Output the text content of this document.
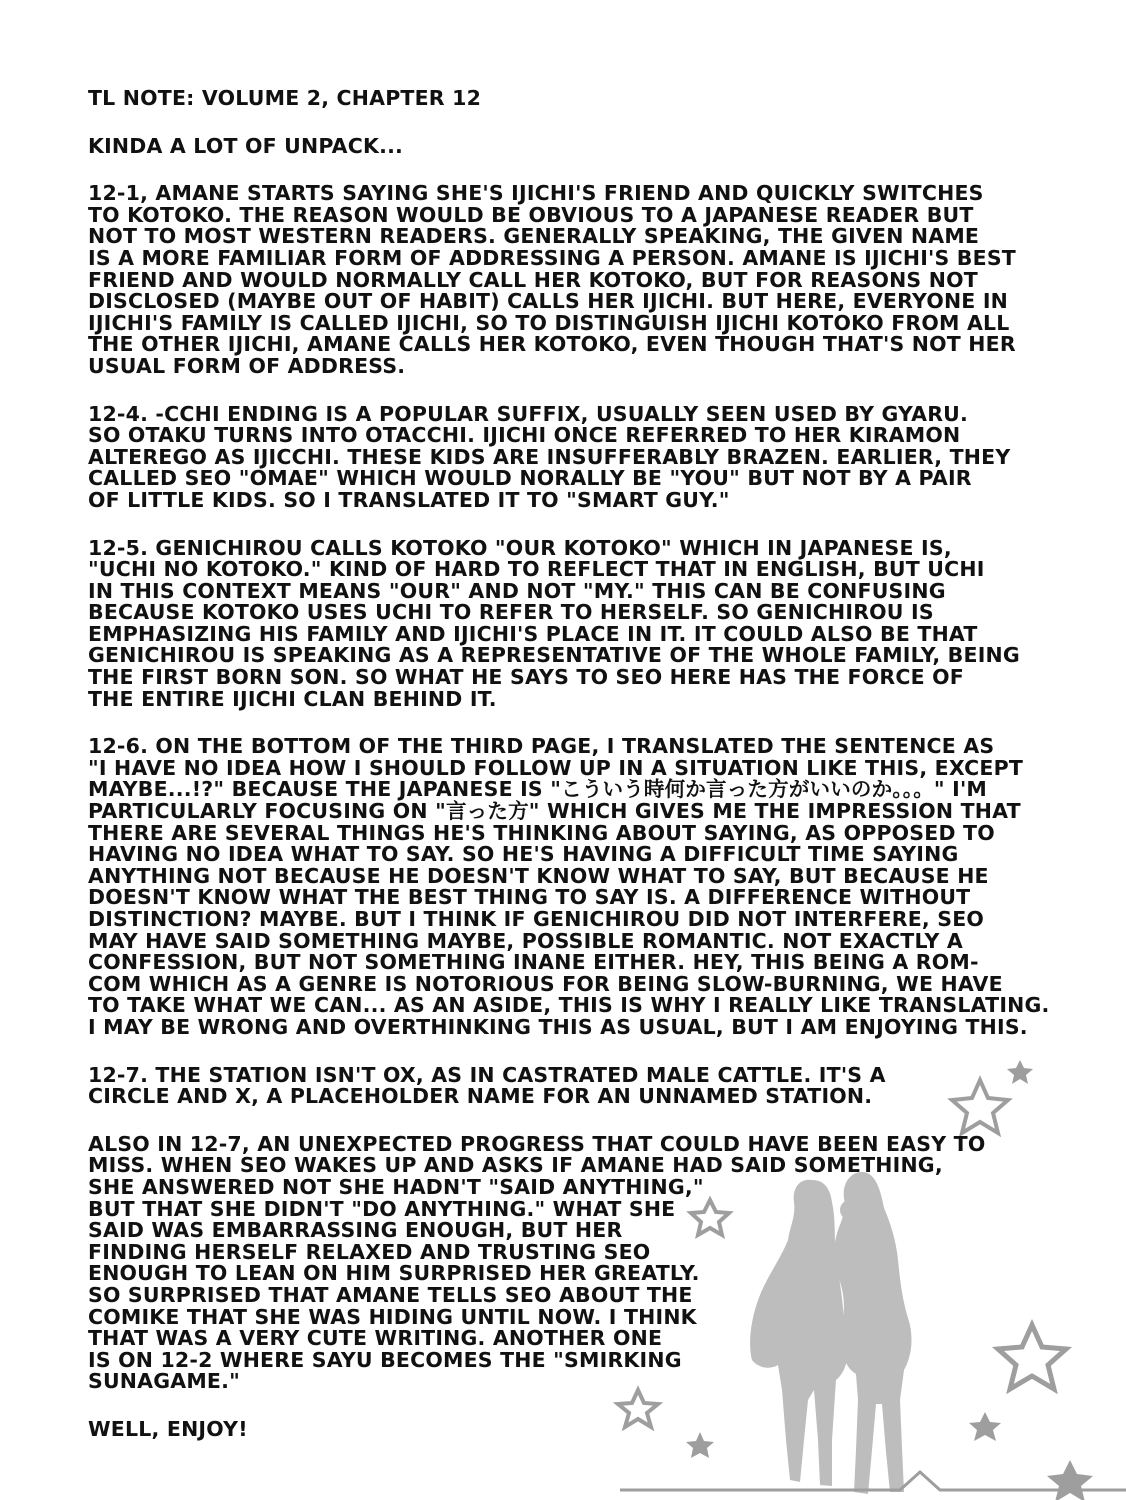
TL NOTE: VOLUME 2, CHAPTER 12

KINDA A LOT OF UNPACK...

12-1, AMANE STARTS SAYING SHE'S IJICHI'S FRIEND AND QUICKLY SWITCHES
TO KOTOKO. THE REASON WOULD BE OBVIOUS TO A JAPANESE READER BUT
NOT TO MOST WESTERN READERS. GENERALLY SPEAKING, THE GIVEN NAME
IS A MORE FAMILIAR FORM OF ADDRESSING A PERSON. AMANE IS IJICHI'S BEST
FRIEND AND WOULD NORMALLY CALL HER KOTOKO, BUT FOR REASONS NOT
DISCLOSED (MAYBE OUT OF HABIT) CALLS HER IJICHI. BUT HERE, EVERYONE IN
IJICHI'S FAMILY IS CALLED IJICHI, SO TO DISTINGUISH IJICHI KOTOKO FROM ALL
THE OTHER IJICHI, AMANE CALLS HER KOTOKO, EVEN THOUGH THAT'S NOT HER
USUAL FORM OF ADDRESS.

12-4. -CCHI ENDING IS A POPULAR SUFFIX, USUALLY SEEN USED BY GYARU.
SO OTAKU TURNS INTO OTACCHI. IJICHI ONCE REFERRED TO HER KIRAMON
ALTEREGO AS IJICCHI. THESE KIDS ARE INSUFFERABLY BRAZEN. EARLIER, THEY
CALLED SEO "OMAE" WHICH WOULD NORALLY BE "YOU" BUT NOT BY A PAIR
OF LITTLE KIDS. SO I TRANSLATED IT TO "SMART GUY."

12-5. GENICHIROU CALLS KOTOKO "OUR KOTOKO" WHICH IN JAPANESE IS,
"UCHI NO KOTOKO." KIND OF HARD TO REFLECT THAT IN ENGLISH, BUT UCHI
IN THIS CONTEXT MEANS "OUR" AND NOT "MY." THIS CAN BE CONFUSING
BECAUSE KOTOKO USES UCHI TO REFER TO HERSELF. SO GENICHIROU IS
EMPHASIZING HIS FAMILY AND IJICHI'S PLACE IN IT. IT COULD ALSO BE THAT
GENICHIROU IS SPEAKING AS A REPRESENTATIVE OF THE WHOLE FAMILY, BEING
THE FIRST BORN SON. SO WHAT HE SAYS TO SEO HERE HAS THE FORCE OF
THE ENTIRE IJICHI CLAN BEHIND IT.

12-6. ON THE BOTTOM OF THE THIRD PAGE, I TRANSLATED THE SENTENCE AS
"I HAVE NO IDEA HOW I SHOULD FOLLOW UP IN A SITUATION LIKE THIS, EXCEPT
MAYBE...!?" BECAUSE THE JAPANESE IS "こういう時何か言った方がいいのか。。。" I'M
PARTICULARLY FOCUSING ON "言った方" WHICH GIVES ME THE IMPRESSION THAT
THERE ARE SEVERAL THINGS HE'S THINKING ABOUT SAYING, AS OPPOSED TO
HAVING NO IDEA WHAT TO SAY. SO HE'S HAVING A DIFFICULT TIME SAYING
ANYTHING NOT BECAUSE HE DOESN'T KNOW WHAT TO SAY, BUT BECAUSE HE
DOESN'T KNOW WHAT THE BEST THING TO SAY IS. A DIFFERENCE WITHOUT
DISTINCTION? MAYBE. BUT I THINK IF GENICHIROU DID NOT INTERFERE, SEO
MAY HAVE SAID SOMETHING MAYBE, POSSIBLE ROMANTIC. NOT EXACTLY A
CONFESSION, BUT NOT SOMETHING INANE EITHER. HEY, THIS BEING A ROM-
COM WHICH AS A GENRE IS NOTORIOUS FOR BEING SLOW-BURNING, WE HAVE
TO TAKE WHAT WE CAN... AS AN ASIDE, THIS IS WHY I REALLY LIKE TRANSLATING.
I MAY BE WRONG AND OVERTHINKING THIS AS USUAL, BUT I AM ENJOYING THIS.

12-7. THE STATION ISN'T OX, AS IN CASTRATED MALE CATTLE. IT'S A
CIRCLE AND X, A PLACEHOLDER NAME FOR AN UNNAMED STATION.

ALSO IN 12-7, AN UNEXPECTED PROGRESS THAT COULD HAVE BEEN EASY TO
MISS. WHEN SEO WAKES UP AND ASKS IF AMANE HAD SAID SOMETHING,
SHE ANSWERED NOT SHE HADN'T "SAID ANYTHING,"
BUT THAT SHE DIDN'T "DO ANYTHING." WHAT SHE
SAID WAS EMBARRASSING ENOUGH, BUT HER
FINDING HERSELF RELAXED AND TRUSTING SEO
ENOUGH TO LEAN ON HIM SURPRISED HER GREATLY.
SO SURPRISED THAT AMANE TELLS SEO ABOUT THE
COMIKE THAT SHE WAS HIDING UNTIL NOW. I THINK
THAT WAS A VERY CUTE WRITING. ANOTHER ONE
IS ON 12-2 WHERE SAYU BECOMES THE "SMIRKING
SUNAGAME."

WELL, ENJOY!
